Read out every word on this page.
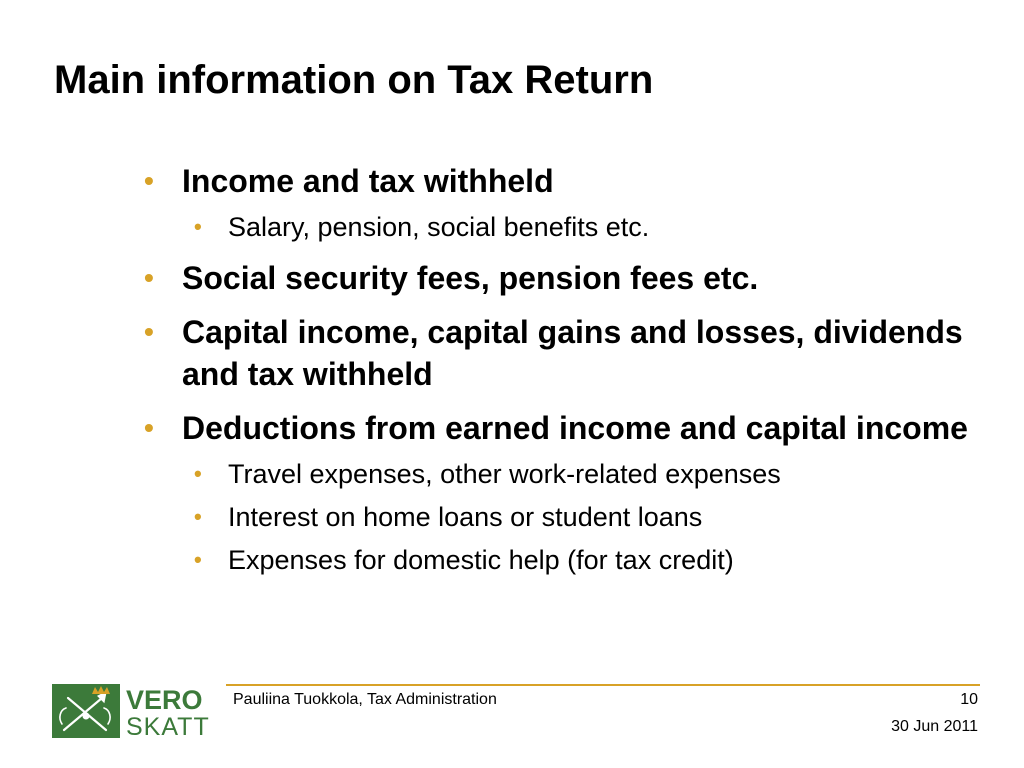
Main information on Tax Return
• Income and tax withheld
• Salary, pension, social benefits etc.
• Social security fees, pension fees etc.
• Capital income, capital gains and losses, dividends and tax withheld
• Deductions from earned income and capital income
• Travel expenses, other work-related expenses
• Interest on home loans or student loans
• Expenses for domestic help (for tax credit)
VERO
SKATT
Pauliina Tuokkola, Tax Administration	10
30 Jun 2011
